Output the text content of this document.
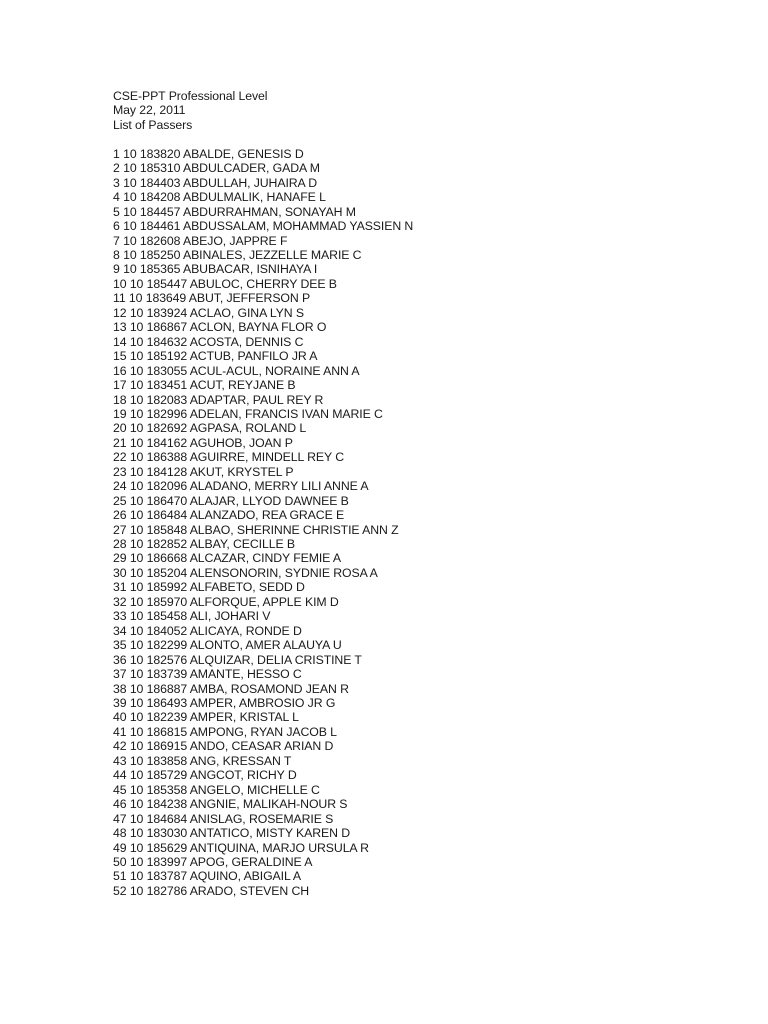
CSE-PPT Professional Level
May 22, 2011
List of Passers
1 10 183820 ABALDE, GENESIS D
2 10 185310 ABDULCADER, GADA M
3 10 184403 ABDULLAH, JUHAIRA D
4 10 184208 ABDULMALIK, HANAFE L
5 10 184457 ABDURRAHMAN, SONAYAH M
6 10 184461 ABDUSSALAM, MOHAMMAD YASSIEN N
7 10 182608 ABEJO, JAPPRE F
8 10 185250 ABINALES, JEZZELLE MARIE C
9 10 185365 ABUBACAR, ISNIHAYA I
10 10 185447 ABULOC, CHERRY DEE B
11 10 183649 ABUT, JEFFERSON P
12 10 183924 ACLAO, GINA LYN S
13 10 186867 ACLON, BAYNA FLOR O
14 10 184632 ACOSTA, DENNIS C
15 10 185192 ACTUB, PANFILO JR A
16 10 183055 ACUL-ACUL, NORAINE ANN A
17 10 183451 ACUT, REYJANE B
18 10 182083 ADAPTAR, PAUL REY R
19 10 182996 ADELAN, FRANCIS IVAN MARIE C
20 10 182692 AGPASA, ROLAND L
21 10 184162 AGUHOB, JOAN P
22 10 186388 AGUIRRE, MINDELL REY C
23 10 184128 AKUT, KRYSTEL P
24 10 182096 ALADANO, MERRY LILI ANNE A
25 10 186470 ALAJAR, LLYOD DAWNEE B
26 10 186484 ALANZADO, REA GRACE E
27 10 185848 ALBAO, SHERINNE CHRISTIE ANN Z
28 10 182852 ALBAY, CECILLE B
29 10 186668 ALCAZAR, CINDY FEMIE A
30 10 185204 ALENSONORIN, SYDNIE ROSA A
31 10 185992 ALFABETO, SEDD D
32 10 185970 ALFORQUE, APPLE KIM D
33 10 185458 ALI, JOHARI V
34 10 184052 ALICAYA, RONDE D
35 10 182299 ALONTO, AMER ALAUYA U
36 10 182576 ALQUIZAR, DELIA CRISTINE T
37 10 183739 AMANTE, HESSO C
38 10 186887 AMBA, ROSAMOND JEAN R
39 10 186493 AMPER, AMBROSIO JR G
40 10 182239 AMPER, KRISTAL L
41 10 186815 AMPONG, RYAN JACOB L
42 10 186915 ANDO, CEASAR ARIAN D
43 10 183858 ANG, KRESSAN T
44 10 185729 ANGCOT, RICHY D
45 10 185358 ANGELO, MICHELLE C
46 10 184238 ANGNIE, MALIKAH-NOUR S
47 10 184684 ANISLAG, ROSEMARIE S
48 10 183030 ANTATICO, MISTY KAREN D
49 10 185629 ANTIQUINA, MARJO URSULA R
50 10 183997 APOG, GERALDINE A
51 10 183787 AQUINO, ABIGAIL A
52 10 182786 ARADO, STEVEN CH
